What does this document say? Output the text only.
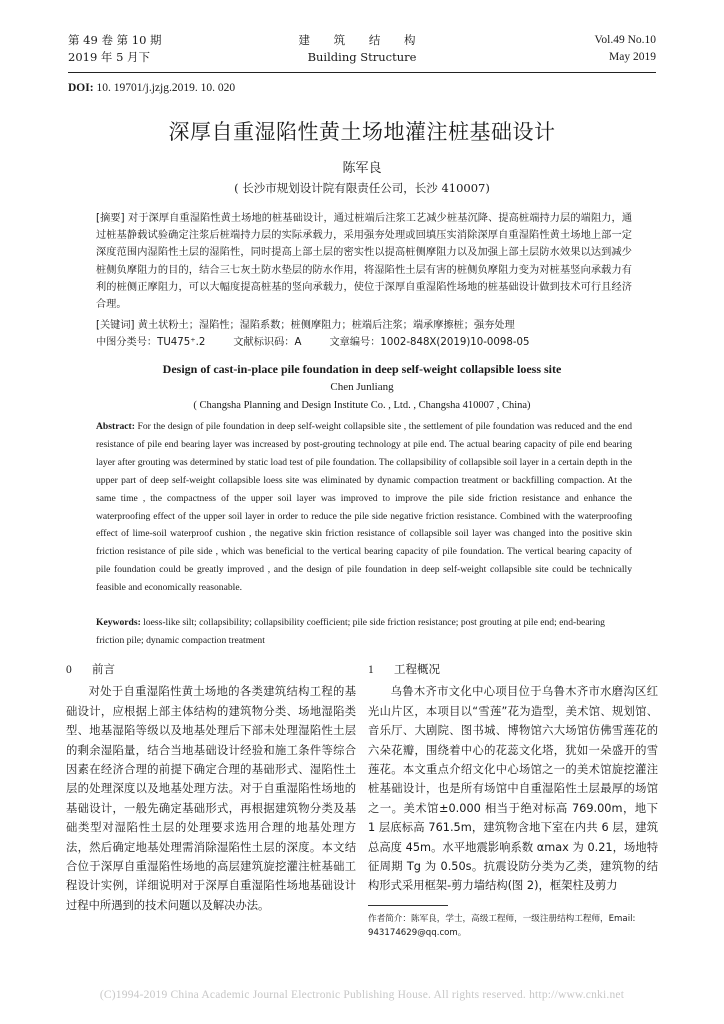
第 49 卷 第 10 期
2019 年 5 月下
建 筑 结 构
Building Structure
Vol.49 No.10
May 2019
DOI: 10. 19701/j.jzjg.2019. 10. 020
深厚自重湿陷性黄土场地灌注桩基础设计
陈军良
( 长沙市规划设计院有限责任公司，长沙 410007)
[摘要] 对于深厚自重湿陷性黄土场地的桩基础设计，通过桩端后注浆工艺减少桩基沉降、提高桩端持力层的端阻力，通过桩基静载试验确定注浆后桩端持力层的实际承载力，采用强夯处理或回填压实消除深厚自重湿陷性黄土场地上部一定深度范围内湿陷性土层的湿陷性，同时提高上部土层的密实性以提高桩侧摩阻力以及加强上部土层防水效果以达到减少桩侧负摩阻力的目的，结合三七灰土防水垫层的防水作用，将湿陷性土层有害的桩侧负摩阻力变为对桩基竖向承载力有利的桩侧正摩阻力，可以大幅度提高桩基的竖向承载力，使位于深厚自重湿陷性场地的桩基础设计做到技术可行且经济合理。
[关键词] 黄土状粉土；湿陷性；湿陷系数；桩侧摩阻力；桩端后注浆；端承摩擦桩；强夯处理
中图分类号：TU475⁺.2	文献标识码：A	文章编号：1002-848X(2019)10-0098-05
Design of cast-in-place pile foundation in deep self-weight collapsible loess site
Chen Junliang
( Changsha Planning and Design Institute Co. , Ltd. , Changsha 410007 , China)
Abstract: For the design of pile foundation in deep self-weight collapsible site , the settlement of pile foundation was reduced and the end resistance of pile end bearing layer was increased by post-grouting technology at pile end. The actual bearing capacity of pile end bearing layer after grouting was determined by static load test of pile foundation. The collapsibility of collapsible soil layer in a certain depth in the upper part of deep self-weight collapsible loess site was eliminated by dynamic compaction treatment or backfilling compaction. At the same time , the compactness of the upper soil layer was improved to improve the pile side friction resistance and enhance the waterproofing effect of the upper soil layer in order to reduce the pile side negative friction resistance. Combined with the waterproofing effect of lime-soil waterproof cushion , the negative skin friction resistance of collapsible soil layer was changed into the positive skin friction resistance of pile side , which was beneficial to the vertical bearing capacity of pile foundation. The vertical bearing capacity of pile foundation could be greatly improved , and the design of pile foundation in deep self-weight collapsible site could be technically feasible and economically reasonable.
Keywords: loess-like silt; collapsibility; collapsibility coefficient; pile side friction resistance; post grouting at pile end; end-bearing friction pile; dynamic compaction treatment
0 前言

对处于自重湿陷性黄土场地的各类建筑结构工程的基础设计，应根据上部主体结构的建筑物分类、场地湿陷类型、地基湿陷等级以及地基处理后下部未处理湿陷性土层的剩余湿陷量，结合当地基础设计经验和施工条件等综合因素在经济合理的前提下确定合理的基础形式、湿陷性土层的处理深度以及地基处理方法。对于自重湿陷性场地的基础设计，一般先确定基础形式，再根据建筑物分类及基础类型对湿陷性土层的处理要求选用合理的地基处理方法，然后确定地基处理需消除湿陷性土层的深度。本文结合位于深厚自重湿陷性场地的高层建筑旋挖灌注桩基础工程设计实例，详细说明对于深厚自重湿陷性场地基础设计过程中所遇到的技术问题以及解决办法。

1 工程概况

乌鲁木齐市文化中心项目位于乌鲁木齐市水磨沟区红光山片区，本项目以“雪莲”花为造型，美术馆、规划馆、音乐厅、大剧院、图书城、博物馆六大场馆仿佛雪莲花的六朵花瓣，围绕着中心的花蕊文化塔，犹如一朵盛开的雪莲花。本文重点介绍文化中心场馆之一的美术馆旋挖灌注桩基础设计，也是所有场馆中自重湿陷性土层最厚的场馆之一。美术馆±0.000 相当于绝对标高 769.00m，地下 1 层底标高 761.5m，建筑物含地下室在内共 6 层，建筑总高度 45m。水平地震影响系数 αmax 为 0.21，场地特征周期 Tg 为 0.50s。抗震设防分类为乙类，建筑物的结构形式采用框架-剪力墙结构(图 2)，框架柱及剪力

作者简介：陈军良，学士，高级工程师，一级注册结构工程师，Email: 943174629@qq.com。
(C)1994-2019 China Academic Journal Electronic Publishing House. All rights reserved. http://www.cnki.net
